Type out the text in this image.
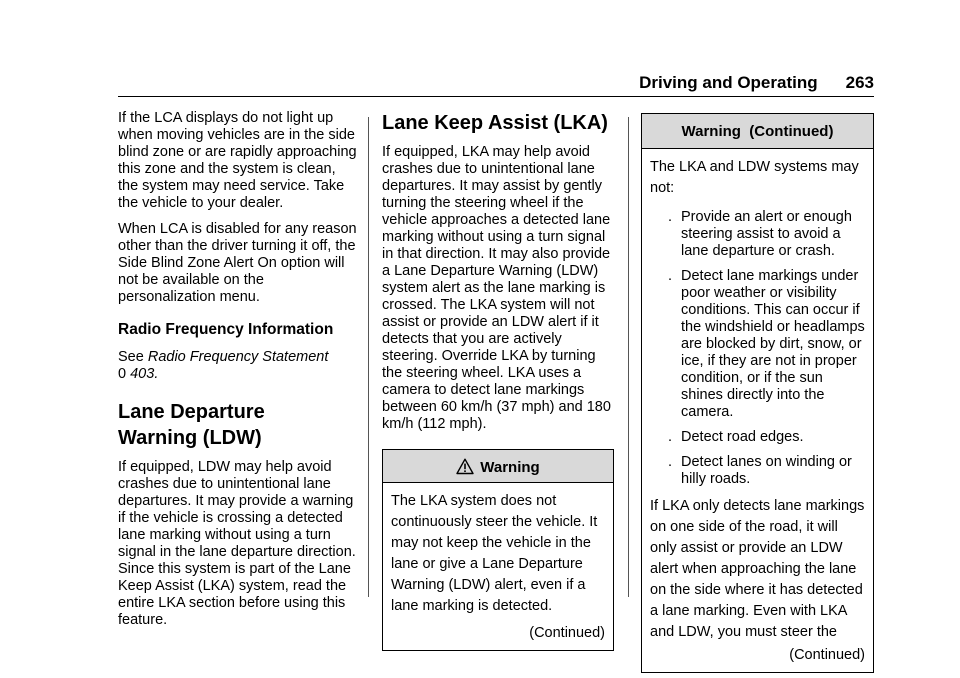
Driving and Operating 263

If the LCA displays do not light up when moving vehicles are in the side blind zone or are rapidly approaching this zone and the system is clean, the system may need service. Take the vehicle to your dealer.

When LCA is disabled for any reason other than the driver turning it off, the Side Blind Zone Alert On option will not be available on the personalization menu.

Radio Frequency Information

See Radio Frequency Statement
0 403.

Lane Departure
Warning (LDW)

If equipped, LDW may help avoid crashes due to unintentional lane departures. It may provide a warning if the vehicle is crossing a detected lane marking without using a turn signal in the lane departure direction. Since this system is part of the Lane Keep Assist (LKA) system, read the entire LKA section before using this feature.

Lane Keep Assist (LKA)

If equipped, LKA may help avoid crashes due to unintentional lane departures. It may assist by gently turning the steering wheel if the vehicle approaches a detected lane marking without using a turn signal in that direction. It may also provide a Lane Departure Warning (LDW) system alert as the lane marking is crossed. The LKA system will not assist or provide an LDW alert if it detects that you are actively steering. Override LKA by turning the steering wheel. LKA uses a camera to detect lane markings between 60 km/h (37 mph) and 180 km/h (112 mph).

Warning

The LKA system does not continuously steer the vehicle. It may not keep the vehicle in the lane or give a Lane Departure Warning (LDW) alert, even if a lane marking is detected.

(Continued)
Warning  (Continued)

The LKA and LDW systems may not:

. Provide an alert or enough steering assist to avoid a lane departure or crash.
. Detect lane markings under poor weather or visibility conditions. This can occur if the windshield or headlamps are blocked by dirt, snow, or ice, if they are not in proper condition, or if the sun shines directly into the camera.
. Detect road edges.
. Detect lanes on winding or hilly roads.

If LKA only detects lane markings on one side of the road, it will only assist or provide an LDW alert when approaching the lane on the side where it has detected a lane marking. Even with LKA and LDW, you must steer the

(Continued)
